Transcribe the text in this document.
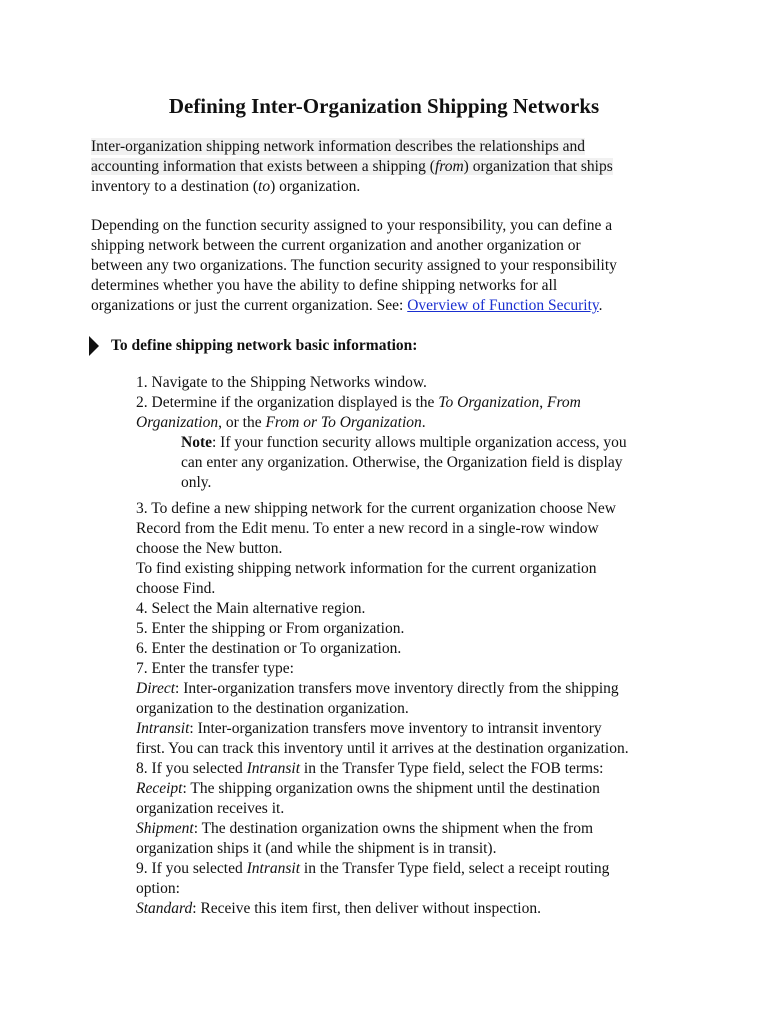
Defining Inter-Organization Shipping Networks
Inter-organization shipping network information describes the relationships and
accounting information that exists between a shipping (from) organization that ships
inventory to a destination (to) organization.
Depending on the function security assigned to your responsibility, you can define a
shipping network between the current organization and another organization or
between any two organizations. The function security assigned to your responsibility
determines whether you have the ability to define shipping networks for all
organizations or just the current organization. See: Overview of Function Security.
To define shipping network basic information:
1. Navigate to the Shipping Networks window.
2. Determine if the organization displayed is the To Organization, From
Organization, or the From or To Organization.
Note: If your function security allows multiple organization access, you
can enter any organization. Otherwise, the Organization field is display
only.
3. To define a new shipping network for the current organization choose New
Record from the Edit menu. To enter a new record in a single-row window
choose the New button.
To find existing shipping network information for the current organization
choose Find.
4. Select the Main alternative region.
5. Enter the shipping or From organization.
6. Enter the destination or To organization.
7. Enter the transfer type:
Direct: Inter-organization transfers move inventory directly from the shipping
organization to the destination organization.
Intransit: Inter-organization transfers move inventory to intransit inventory
first. You can track this inventory until it arrives at the destination organization.
8. If you selected Intransit in the Transfer Type field, select the FOB terms:
Receipt: The shipping organization owns the shipment until the destination
organization receives it.
Shipment: The destination organization owns the shipment when the from
organization ships it (and while the shipment is in transit).
9. If you selected Intransit in the Transfer Type field, select a receipt routing
option:
Standard: Receive this item first, then deliver without inspection.
